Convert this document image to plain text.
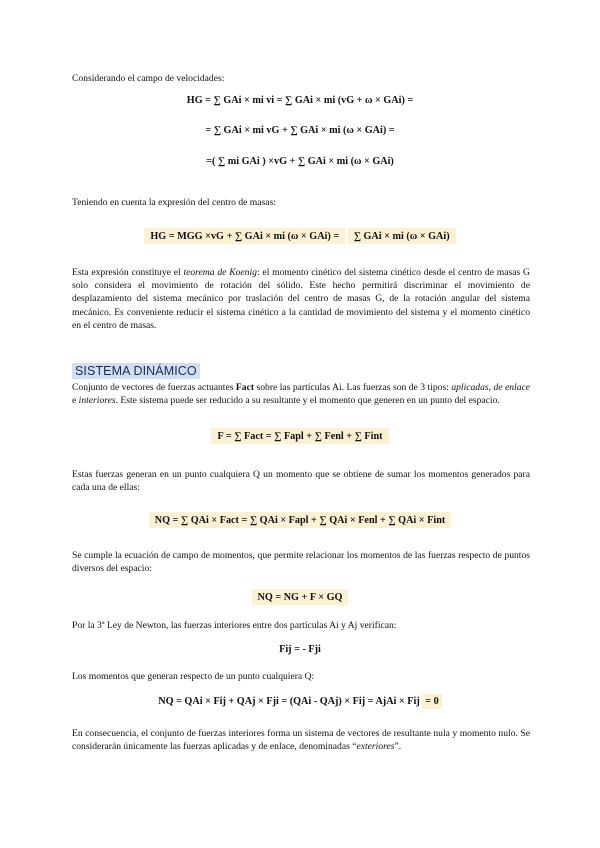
Considerando el campo de velocidades:

HG = ∑ GAi × mi vi = ∑ GAi × mi (vG + ω × GAi) =
= ∑ GAi × mi vG + ∑ GAi × mi (ω × GAi) =
=( ∑ mi GAi ) ×vG + ∑ GAi × mi (ω × GAi)

Teniendo en cuenta la expresión del centro de masas:

HG = MGG ×vG + ∑ GAi × mi (ω × GAi) = ∑ GAi × mi (ω × GAi)

Esta expresión constituye el teorema de Koenig: el momento cinético del sistema cinético desde el centro de masas G solo considera el movimiento de rotación del sólido. Este hecho permitirá discriminar el movimiento de desplazamiento del sistema mecánico por traslación del centro de masas G, de la rotación angular del sistema mecánico. Es conveniente reducir el sistema cinético a la cantidad de movimiento del sistema y el momento cinético en el centro de masas.

SISTEMA DINÁMICO

Conjunto de vectores de fuerzas actuantes Fact sobre las partículas Ai. Las fuerzas son de 3 tipos: aplicadas, de enlace e interiores. Este sistema puede ser reducido a su resultante y el momento que generen en un punto del espacio.

F = ∑ Fact = ∑ Fapl + ∑ Fenl + ∑ Fint

Estas fuerzas generan en un punto cualquiera Q un momento que se obtiene de sumar los momentos generados para cada una de ellas:

NQ = ∑ QAi × Fact = ∑ QAi × Fapl + ∑ QAi × Fenl + ∑ QAi × Fint

Se cumple la ecuación de campo de momentos, que permite relacionar los momentos de las fuerzas respecto de puntos diversos del espacio:

NQ = NG + F × GQ

Por la 3ª Ley de Newton, las fuerzas interiores entre dos partículas Ai y Aj verifican:

Fij = - Fji

Los momentos que generan respecto de un punto cualquiera Q:

NQ = QAi × Fij + QAj × Fji = (QAi - QAj) × Fij = AjAi × Fij = 0

En consecuencia, el conjunto de fuerzas interiores forma un sistema de vectores de resultante nula y momento nulo. Se considerarán únicamente las fuerzas aplicadas y de enlace, denominadas “exteriores”.
